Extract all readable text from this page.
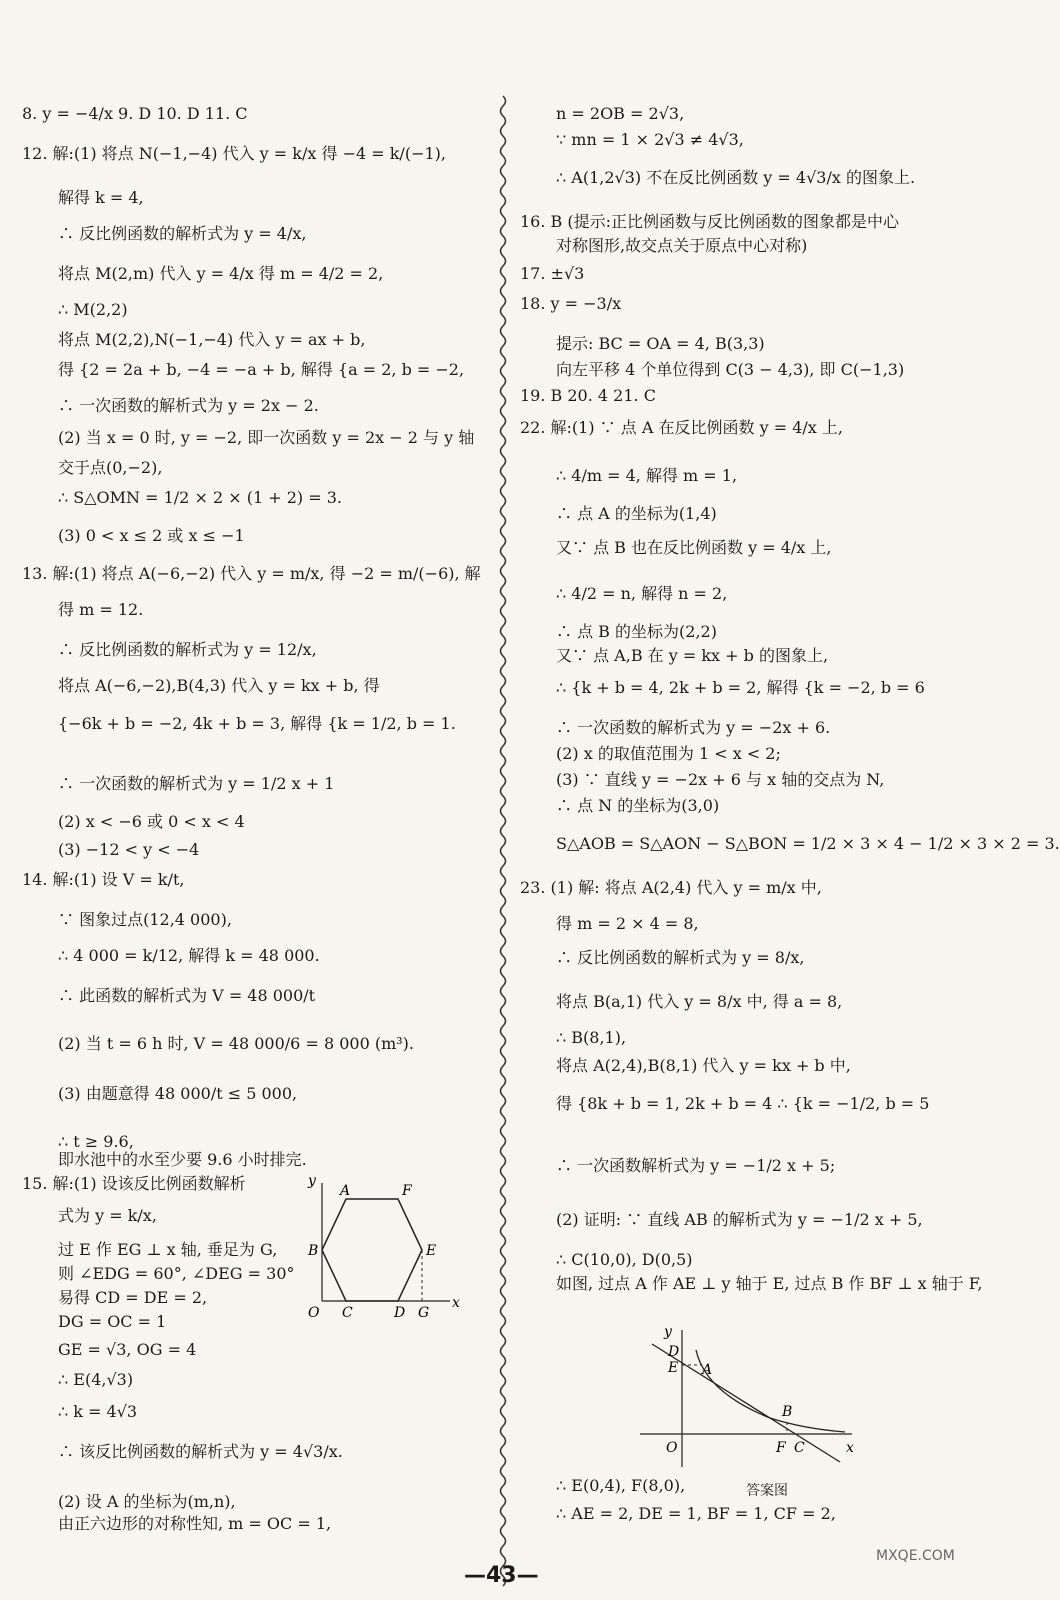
8. y = −4/x 9. D 10. D 11. C
12. 解:(1) 将点 N(−1,−4) 代入 y = k/x 得 −4 = k/(−1),
解得 k = 4,
∴ 反比例函数的解析式为 y = 4/x,
将点 M(2,m) 代入 y = 4/x 得 m = 4/2 = 2,
∴ M(2,2)
将点 M(2,2),N(−1,−4) 代入 y = ax + b,
得 {2 = 2a + b, −4 = −a + b, 解得 {a = 2, b = −2,
∴ 一次函数的解析式为 y = 2x − 2.
(2) 当 x = 0 时, y = −2, 即一次函数 y = 2x − 2 与 y 轴
交于点(0,−2),
∴ S△OMN = 1/2 × 2 × (1 + 2) = 3.
(3) 0 < x ≤ 2 或 x ≤ −1
13. 解:(1) 将点 A(−6,−2) 代入 y = m/x, 得 −2 = m/(−6), 解
得 m = 12.
∴ 反比例函数的解析式为 y = 12/x,
将点 A(−6,−2),B(4,3) 代入 y = kx + b, 得
{−6k + b = −2, 4k + b = 3, 解得 {k = 1/2, b = 1.
∴ 一次函数的解析式为 y = 1/2 x + 1
(2) x < −6 或 0 < x < 4
(3) −12 < y < −4
14. 解:(1) 设 V = k/t,
∵ 图象过点(12,4 000),
∴ 4 000 = k/12, 解得 k = 48 000.
∴ 此函数的解析式为 V = 48 000/t
(2) 当 t = 6 h 时, V = 48 000/6 = 8 000 (m³).
(3) 由题意得 48 000/t ≤ 5 000,
∴ t ≥ 9.6,
即水池中的水至少要 9.6 小时排完.
15. 解:(1) 设该反比例函数解析
式为 y = k/x,
过 E 作 EG ⊥ x 轴, 垂足为 G,
则 ∠EDG = 60°, ∠DEG = 30°
易得 CD = DE = 2,
DG = OC = 1
GE = √3, OG = 4
∴ E(4,√3)
∴ k = 4√3
∴ 该反比例函数的解析式为 y = 4√3/x.
(2) 设 A 的坐标为(m,n),
由正六边形的对称性知, m = OC = 1,
n = 2OB = 2√3,
∵ mn = 1 × 2√3 ≠ 4√3,
∴ A(1,2√3) 不在反比例函数 y = 4√3/x 的图象上.
16. B (提示:正比例函数与反比例函数的图象都是中心
对称图形,故交点关于原点中心对称)
17. ±√3
18. y = −3/x
提示: BC = OA = 4, B(3,3)
向左平移 4 个单位得到 C(3 − 4,3), 即 C(−1,3)
19. B 20. 4 21. C
22. 解:(1) ∵ 点 A 在反比例函数 y = 4/x 上,
∴ 4/m = 4, 解得 m = 1,
∴ 点 A 的坐标为(1,4)
又∵ 点 B 也在反比例函数 y = 4/x 上,
∴ 4/2 = n, 解得 n = 2,
∴ 点 B 的坐标为(2,2)
又∵ 点 A,B 在 y = kx + b 的图象上,
∴ {k + b = 4, 2k + b = 2, 解得 {k = −2, b = 6
∴ 一次函数的解析式为 y = −2x + 6.
(2) x 的取值范围为 1 < x < 2;
(3) ∵ 直线 y = −2x + 6 与 x 轴的交点为 N,
∴ 点 N 的坐标为(3,0)
S△AOB = S△AON − S△BON = 1/2 × 3 × 4 − 1/2 × 3 × 2 = 3.
23. (1) 解: 将点 A(2,4) 代入 y = m/x 中,
得 m = 2 × 4 = 8,
∴ 反比例函数的解析式为 y = 8/x,
将点 B(a,1) 代入 y = 8/x 中, 得 a = 8,
∴ B(8,1),
将点 A(2,4),B(8,1) 代入 y = kx + b 中,
得 {8k + b = 1, 2k + b = 4 ∴ {k = −1/2, b = 5
∴ 一次函数解析式为 y = −1/2 x + 5;
(2) 证明: ∵ 直线 AB 的解析式为 y = −1/2 x + 5,
∴ C(10,0), D(0,5)
如图, 过点 A 作 AE ⊥ y 轴于 E, 过点 B 作 BF ⊥ x 轴于 F,
∴ E(0,4), F(8,0),
∴ AE = 2, DE = 1, BF = 1, CF = 2,
y
x
O
A	F
B	E
C	D G
y
x
O
D
E A
B
F C
答案图
—43—
MXQE.COM
